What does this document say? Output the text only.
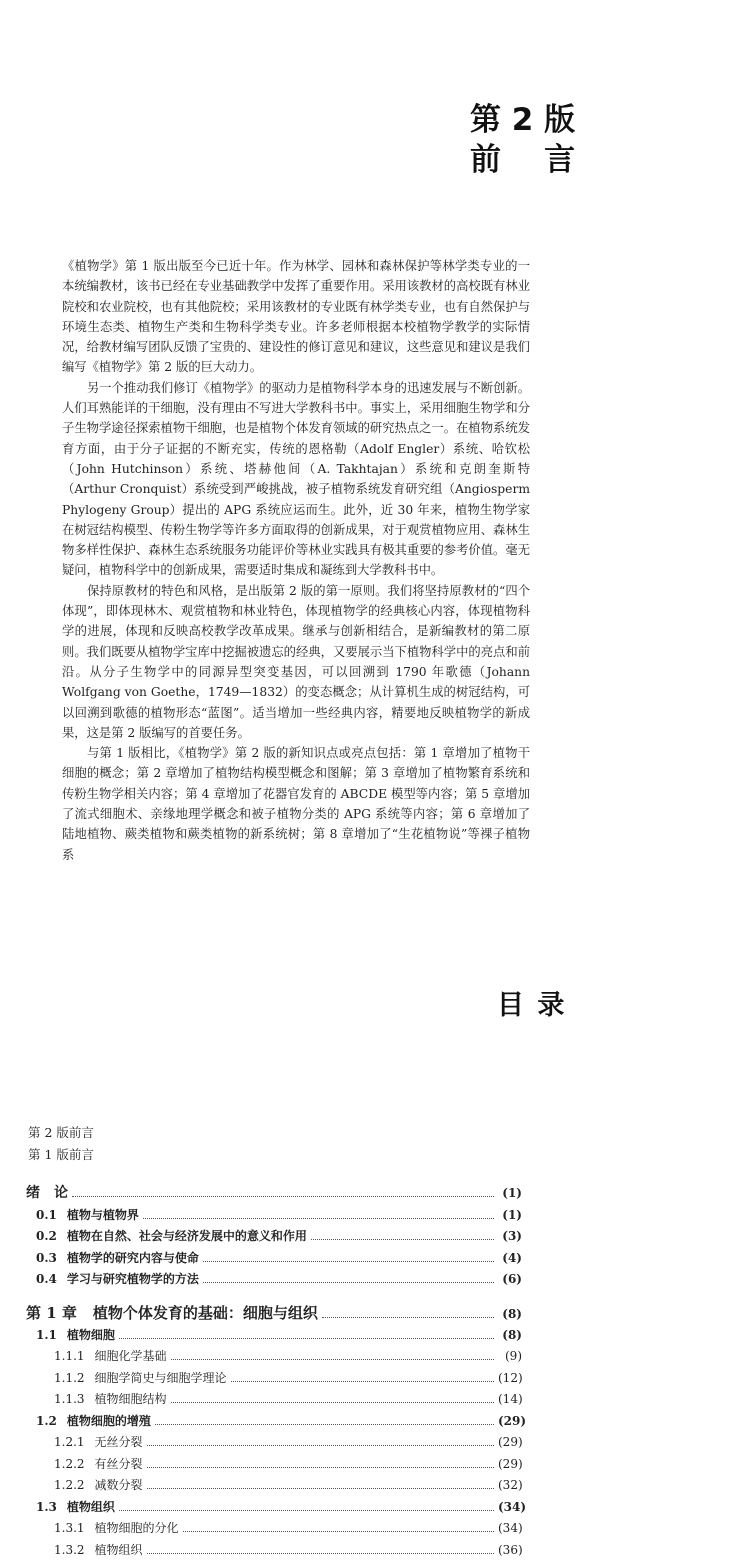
第 2 版
前    言

《植物学》第 1 版出版至今已近十年。作为林学、园林和森林保护等林学类专业的一本统编教材，该书已经在专业基础教学中发挥了重要作用。采用该教材的高校既有林业院校和农业院校，也有其他院校；采用该教材的专业既有林学类专业，也有自然保护与环境生态类、植物生产类和生物科学类专业。许多老师根据本校植物学教学的实际情况，给教材编写团队反馈了宝贵的、建设性的修订意见和建议，这些意见和建议是我们编写《植物学》第 2 版的巨大动力。

另一个推动我们修订《植物学》的驱动力是植物科学本身的迅速发展与不断创新。人们耳熟能详的干细胞，没有理由不写进大学教科书中。事实上，采用细胞生物学和分子生物学途径探索植物干细胞，也是植物个体发育领域的研究热点之一。在植物系统发育方面，由于分子证据的不断充实，传统的恩格勒（Adolf Engler）系统、哈钦松（John Hutchinson）系统、塔赫他间（A. Takhtajan）系统和克朗奎斯特（Arthur Cronquist）系统受到严峻挑战，被子植物系统发育研究组（Angiosperm Phylogeny Group）提出的 APG 系统应运而生。此外，近 30 年来，植物生物学家在树冠结构模型、传粉生物学等许多方面取得的创新成果，对于观赏植物应用、森林生物多样性保护、森林生态系统服务功能评价等林业实践具有极其重要的参考价值。毫无疑问，植物科学中的创新成果，需要适时集成和凝练到大学教科书中。

保持原教材的特色和风格，是出版第 2 版的第一原则。我们将坚持原教材的“四个体现”，即体现林木、观赏植物和林业特色，体现植物学的经典核心内容，体现植物科学的进展，体现和反映高校教学改革成果。继承与创新相结合，是新编教材的第二原则。我们既要从植物学宝库中挖掘被遗忘的经典，又要展示当下植物科学中的亮点和前沿。从分子生物学中的同源异型突变基因，可以回溯到 1790 年歌德（Johann Wolfgang von Goethe，1749—1832）的变态概念；从计算机生成的树冠结构，可以回溯到歌德的植物形态“蓝图”。适当增加一些经典内容，精要地反映植物学的新成果，这是第 2 版编写的首要任务。

与第 1 版相比，《植物学》第 2 版的新知识点或亮点包括：第 1 章增加了植物干细胞的概念；第 2 章增加了植物结构模型概念和图解；第 3 章增加了植物繁育系统和传粉生物学相关内容；第 4 章增加了花器官发育的 ABCDE 模型等内容；第 5 章增加了流式细胞术、亲缘地理学概念和被子植物分类的 APG 系统等内容；第 6 章增加了陆地植物、蕨类植物和蕨类植物的新系统树；第 8 章增加了“生花植物说”等裸子植物系

目 录
第 2 版前言
第 1 版前言
绪 论	(1)
0.1 植物与植物界	(1)
0.2 植物在自然、社会与经济发展中的意义和作用	(3)
0.3 植物学的研究内容与使命	(4)
0.4 学习与研究植物学的方法	(6)
第 1 章 植物个体发育的基础：细胞与组织	(8)
1.1 植物细胞	(8)
1.1.1 细胞化学基础	(9)
1.1.2 细胞学简史与细胞学理论	(12)
1.1.3 植物细胞结构	(14)
1.2 植物细胞的增殖	(29)
1.2.1 无丝分裂	(29)
1.2.2 有丝分裂	(29)
1.2.2 减数分裂	(32)
1.3 植物组织	(34)
1.3.1 植物细胞的分化	(34)
1.3.2 植物组织	(36)
